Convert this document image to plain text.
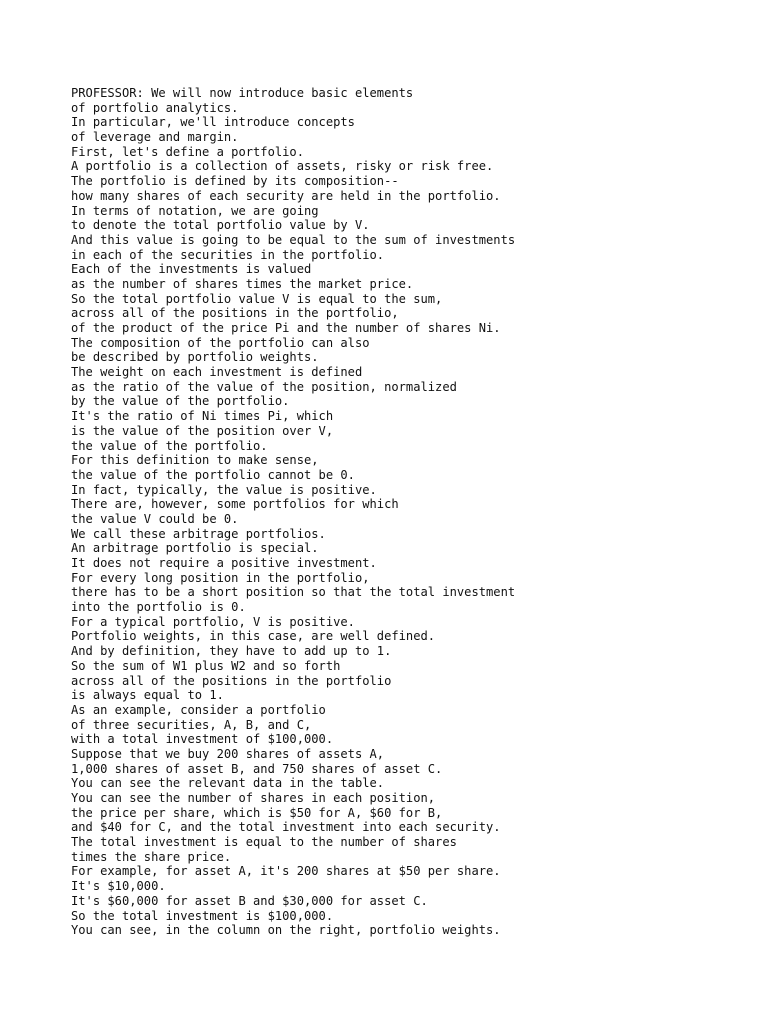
PROFESSOR: We will now introduce basic elements
of portfolio analytics.
In particular, we'll introduce concepts
of leverage and margin.
First, let's define a portfolio.
A portfolio is a collection of assets, risky or risk free.
The portfolio is defined by its composition--
how many shares of each security are held in the portfolio.
In terms of notation, we are going
to denote the total portfolio value by V.
And this value is going to be equal to the sum of investments
in each of the securities in the portfolio.
Each of the investments is valued
as the number of shares times the market price.
So the total portfolio value V is equal to the sum,
across all of the positions in the portfolio,
of the product of the price Pi and the number of shares Ni.
The composition of the portfolio can also
be described by portfolio weights.
The weight on each investment is defined
as the ratio of the value of the position, normalized
by the value of the portfolio.
It's the ratio of Ni times Pi, which
is the value of the position over V,
the value of the portfolio.
For this definition to make sense,
the value of the portfolio cannot be 0.
In fact, typically, the value is positive.
There are, however, some portfolios for which
the value V could be 0.
We call these arbitrage portfolios.
An arbitrage portfolio is special.
It does not require a positive investment.
For every long position in the portfolio,
there has to be a short position so that the total investment
into the portfolio is 0.
For a typical portfolio, V is positive.
Portfolio weights, in this case, are well defined.
And by definition, they have to add up to 1.
So the sum of W1 plus W2 and so forth
across all of the positions in the portfolio
is always equal to 1.
As an example, consider a portfolio
of three securities, A, B, and C,
with a total investment of $100,000.
Suppose that we buy 200 shares of assets A,
1,000 shares of asset B, and 750 shares of asset C.
You can see the relevant data in the table.
You can see the number of shares in each position,
the price per share, which is $50 for A, $60 for B,
and $40 for C, and the total investment into each security.
The total investment is equal to the number of shares
times the share price.
For example, for asset A, it's 200 shares at $50 per share.
It's $10,000.
It's $60,000 for asset B and $30,000 for asset C.
So the total investment is $100,000.
You can see, in the column on the right, portfolio weights.
